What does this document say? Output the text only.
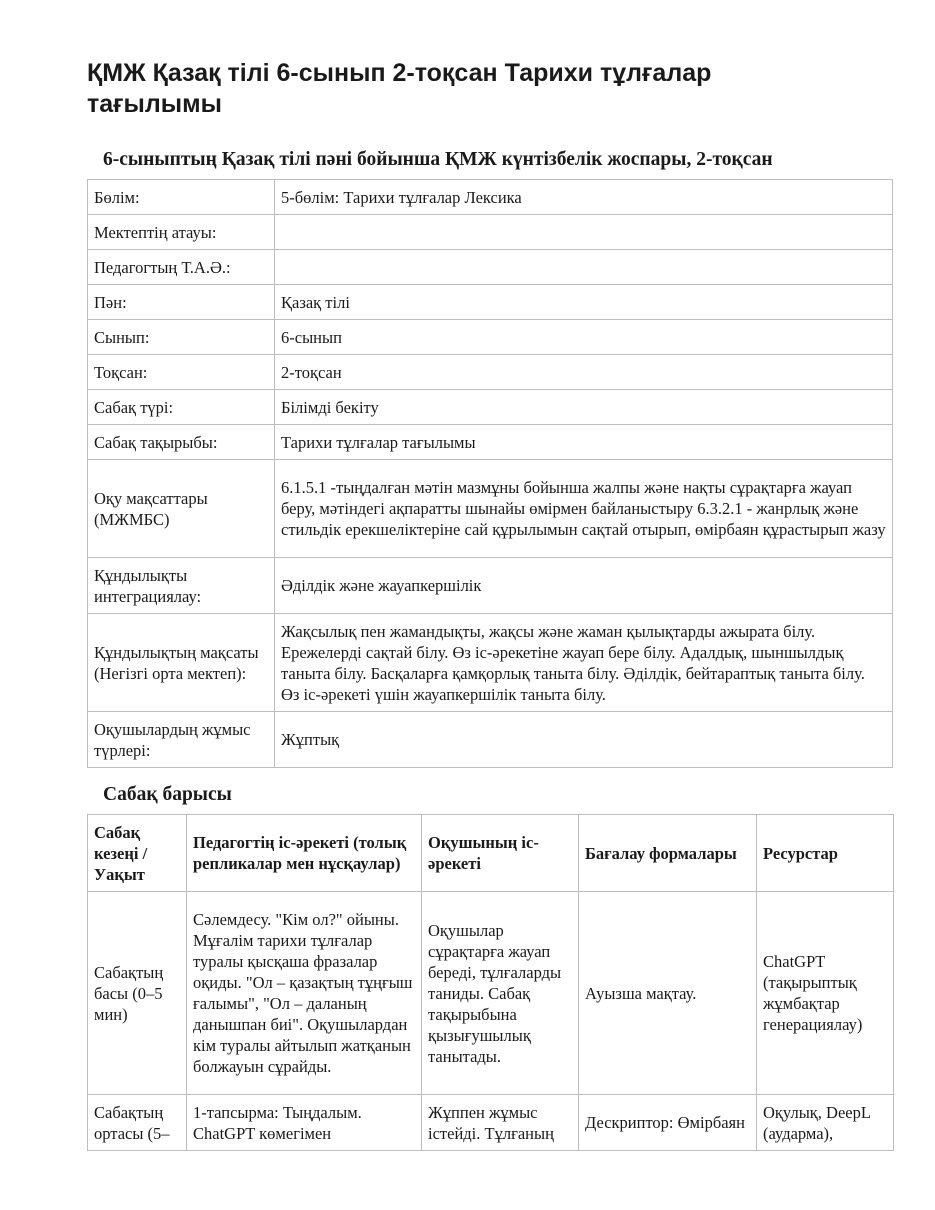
ҚМЖ Қазақ тілі 6-сынып 2-тоқсан Тарихи тұлғалар тағылымы
6-сыныптың Қазақ тілі пәні бойынша ҚМЖ күнтізбелік жоспары, 2-тоқсан
Бөлім:	5-бөлім: Тарихи тұлғалар Лексика
Мектептің атауы:	
Педагогтың Т.А.Ә.:	
Пән:	Қазақ тілі
Сынып:	6-сынып
Тоқсан:	2-тоқсан
Сабақ түрі:	Білімді бекіту
Сабақ тақырыбы:	Тарихи тұлғалар тағылымы
Оқу мақсаттары (МЖМБС)	6.1.5.1 -тыңдалған мәтін мазмұны бойынша жалпы және нақты сұрақтарға жауап беру, мәтіндегі ақпаратты шынайы өмірмен байланыстыру 6.3.2.1 - жанрлық және стильдік ерекшеліктеріне сай құрылымын сақтай отырып, өмірбаян құрастырып жазу
Құндылықты интеграциялау:	Әділдік және жауапкершілік
Құндылықтың мақсаты (Негізгі орта мектеп):	Жақсылық пен жамандықты, жақсы және жаман қылықтарды ажырата білу. Ережелерді сақтай білу. Өз іс-әрекетіне жауап бере білу. Адалдық, шыншылдық таныта білу. Басқаларға қамқорлық таныта білу. Әділдік, бейтараптық таныта білу. Өз іс-әрекеті үшін жауапкершілік таныта білу.
Оқушылардың жұмыс түрлері:	Жұптық
Сабақ барысы
Сабақ кезеңі / Уақыт	Педагогтің іс-әрекеті (толық репликалар мен нұсқаулар)	Оқушының іс-әрекеті	Бағалау формалары	Ресурстар
Сабақтың басы (0–5 мин)	Сәлемдесу. "Кім ол?" ойыны. Мұғалім тарихи тұлғалар туралы қысқаша фразалар оқиды. "Ол – қазақтың тұңғыш ғалымы", "Ол – даланың данышпан биі". Оқушылардан кім туралы айтылып жатқанын болжауын сұрайды.	Оқушылар сұрақтарға жауап береді, тұлғаларды таниды. Сабақ тақырыбына қызығушылық танытады.	Ауызша мақтау.	ChatGPT (тақырыптық жұмбақтар генерациялау)
Сабақтың ортасы (5–	1-тапсырма: Тыңдалым. ChatGPT көмегімен	Жұппен жұмыс істейді. Тұлғаның	Дескриптор: Өмірбаян	Оқулық, DeepL (аударма),
